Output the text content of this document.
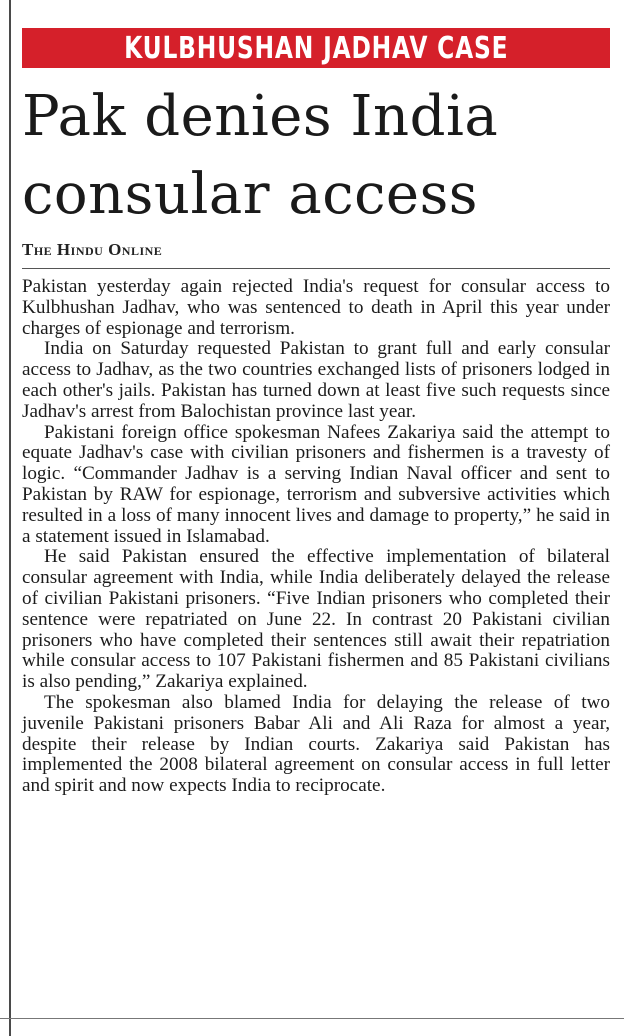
KULBHUSHAN JADHAV CASE
Pak denies India consular access
The Hindu Online

Pakistan yesterday again rejected India's request for consular access to Kulbhushan Jadhav, who was sentenced to death in April this year under charges of espionage and terrorism.

India on Saturday requested Pakistan to grant full and early consular access to Jadhav, as the two countries exchanged lists of prisoners lodged in each other's jails. Pakistan has turned down at least five such requests since Jadhav's arrest from Balochistan province last year.

Pakistani foreign office spokesman Nafees Zakariya said the attempt to equate Jadhav's case with civilian prisoners and fishermen is a travesty of logic. “Commander Jadhav is a serving Indian Naval officer and sent to Pakistan by RAW for espionage, terrorism and subversive activities which resulted in a loss of many innocent lives and damage to property,” he said in a statement issued in Islamabad.

He said Pakistan ensured the effective implementation of bilateral consular agreement with India, while India deliberately delayed the release of civilian Pakistani prisoners. “Five Indian prisoners who completed their sentence were repatriated on June 22. In contrast 20 Pakistani civilian prisoners who have completed their sentences still await their repatriation while consular access to 107 Pakistani fishermen and 85 Pakistani civilians is also pending,” Zakariya explained.

The spokesman also blamed India for delaying the release of two juvenile Pakistani prisoners Babar Ali and Ali Raza for almost a year, despite their release by Indian courts. Zakariya said Pakistan has implemented the 2008 bilateral agreement on consular access in full letter and spirit and now expects India to reciprocate.
